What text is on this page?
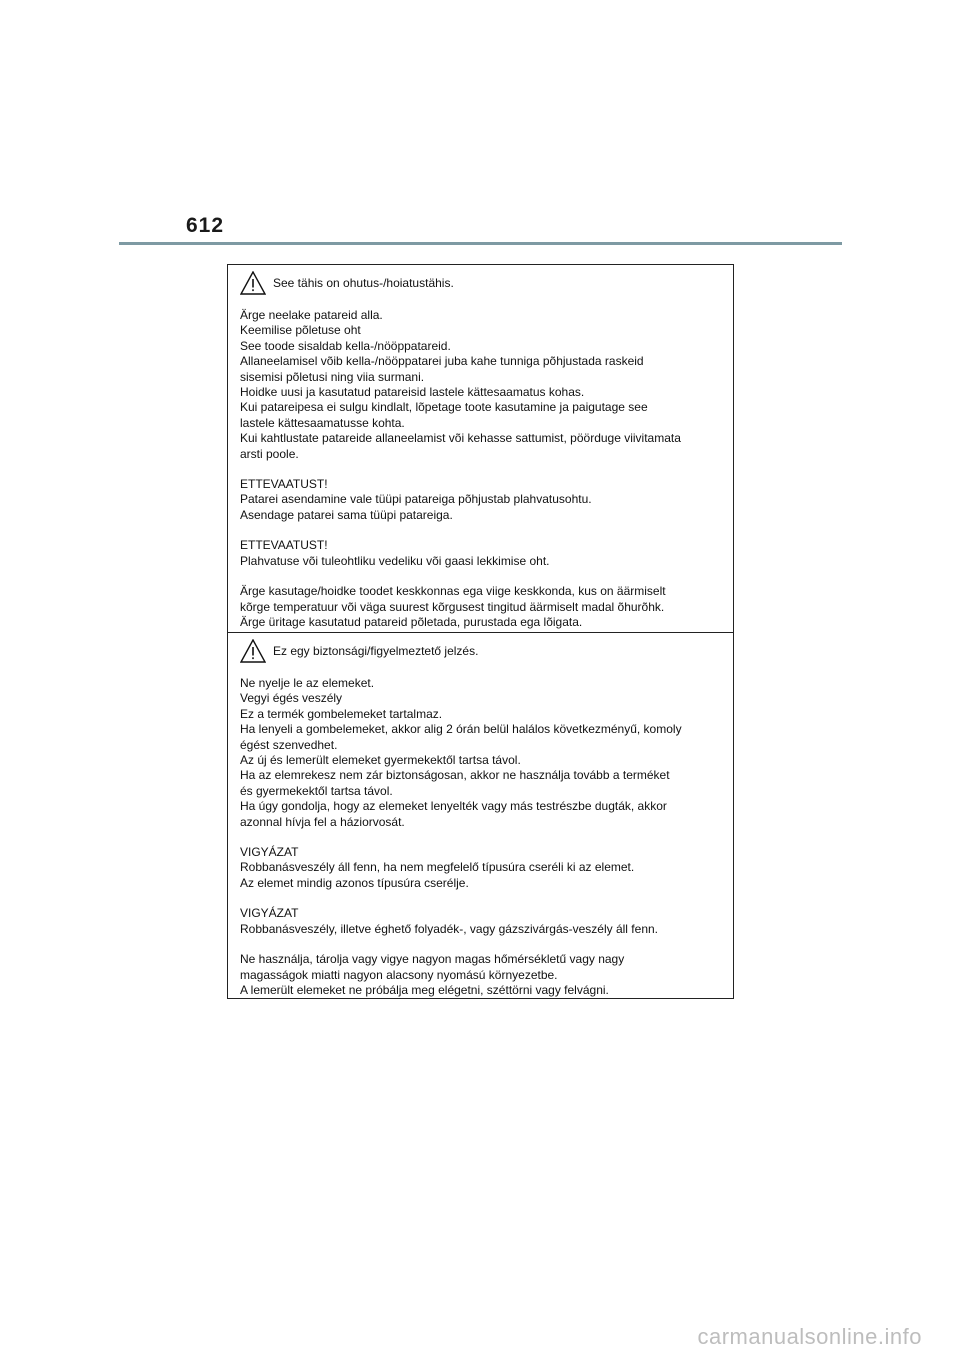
612
See tähis on ohutus-/hoiatustähis.

Ärge neelake patareid alla.
Keemilise põletuse oht
See toode sisaldab kella-/nööppatareid.
Allaneelamisel võib kella-/nööppatarei juba kahe tunniga põhjustada raskeid
sisemisi põletusi ning viia surmani.
Hoidke uusi ja kasutatud patareisid lastele kättesaamatus kohas.
Kui patareipesa ei sulgu kindlalt, lõpetage toote kasutamine ja paigutage see
lastele kättesaamatusse kohta.
Kui kahtlustate patareide allaneelamist või kehasse sattumist, pöörduge viivitamata
arsti poole.

ETTEVAATUST!
Patarei asendamine vale tüüpi patareiga põhjustab plahvatusohtu.
Asendage patarei sama tüüpi patareiga.

ETTEVAATUST!
Plahvatuse või tuleohtliku vedeliku või gaasi lekkimise oht.

Ärge kasutage/hoidke toodet keskkonnas ega viige keskkonda, kus on äärmiselt
kõrge temperatuur või väga suurest kõrgusest tingitud äärmiselt madal õhurõhk.
Ärge üritage kasutatud patareid põletada, purustada ega lõigata.

Ez egy biztonsági/figyelmeztető jelzés.

Ne nyelje le az elemeket.
Vegyi égés veszély
Ez a termék gombelemeket tartalmaz.
Ha lenyeli a gombelemeket, akkor alig 2 órán belül halálos következményű, komoly
égést szenvedhet.
Az új és lemerült elemeket gyermekektől tartsa távol.
Ha az elemrekesz nem zár biztonságosan, akkor ne használja tovább a terméket
és gyermekektől tartsa távol.
Ha úgy gondolja, hogy az elemeket lenyelték vagy más testrészbe dugták, akkor
azonnal hívja fel a háziorvosát.

VIGYÁZAT
Robbanásveszély áll fenn, ha nem megfelelő típusúra cseréli ki az elemet.
Az elemet mindig azonos típusúra cserélje.

VIGYÁZAT
Robbanásveszély, illetve éghető folyadék-, vagy gázszivárgás-veszély áll fenn.

Ne használja, tárolja vagy vigye nagyon magas hőmérsékletű vagy nagy
magasságok miatti nagyon alacsony nyomású környezetbe.
A lemerült elemeket ne próbálja meg elégetni, széttörni vagy felvágni.

carmanualsonline.info
